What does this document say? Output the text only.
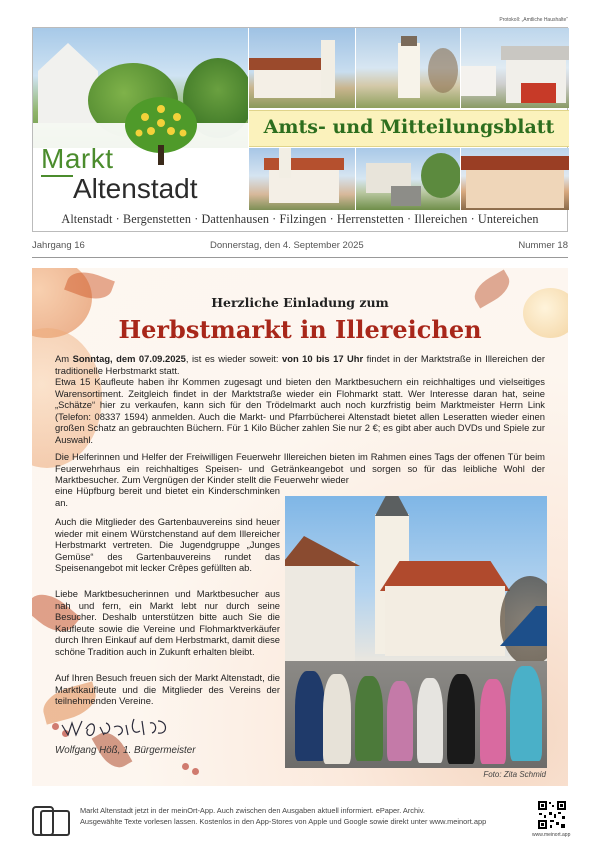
Protokoll: „Amtliche Haushalte“
Amts- und Mitteilungsblatt
Markt
Altenstadt
Altenstadt · Bergenstetten · Dattenhausen · Filzingen · Herrenstetten · Illereichen · Untereichen
Jahrgang 16	Donnerstag, den 4. September 2025	Nummer 18
Herzliche Einladung zum
Herbstmarkt in Illereichen
Am Sonntag, dem 07.09.2025, ist es wieder soweit: von 10 bis 17 Uhr findet in der Marktstraße in Illereichen der traditionelle Herbstmarkt statt.
Etwa 15 Kaufleute haben ihr Kommen zugesagt und bieten den Marktbesuchern ein reichhaltiges und vielseitiges Warensortiment. Zeitgleich findet in der Marktstraße wieder ein Flohmarkt statt. Wer Interesse daran hat, seine „Schätze“ hier zu verkaufen, kann sich für den Trödelmarkt auch noch kurzfristig beim Marktmeister Herrn Link (Telefon: 08337 1594) anmelden. Auch die Markt- und Pfarrbücherei Altenstadt bietet allen Leseratten wieder einen großen Schatz an gebrauchten Büchern. Für 1 Kilo Bücher zahlen Sie nur 2 €; es gibt aber auch DVDs und Spiele zur Auswahl.
Die Helferinnen und Helfer der Freiwilligen Feuerwehr Illereichen bieten im Rahmen eines Tags der offenen Tür beim Feuerwehrhaus ein reichhaltiges Speisen- und Getränkeangebot und sorgen so für das leibliche Wohl der Marktbesucher. Zum Vergnügen der Kinder stellt die Feuerwehr wieder
eine Hüpfburg bereit und bietet ein Kinderschminken an.
Auch die Mitglieder des Gartenbauvereins sind heuer wieder mit einem Würstchenstand auf dem Illereicher Herbstmarkt vertreten. Die Jugendgruppe „Junges Gemüse“ des Gartenbauvereins rundet das Speisenangebot mit lecker Crêpes gefüllten ab.
Liebe Marktbesucherinnen und Marktbesucher aus nah und fern, ein Markt lebt nur durch seine Besucher. Deshalb unterstützen bitte auch Sie die Kaufleute sowie die Vereine und Flohmarktverkäufer durch Ihren Einkauf auf dem Herbstmarkt, damit diese schöne Tradition auch in Zukunft erhalten bleibt.
Auf Ihren Besuch freuen sich der Markt Altenstadt, die Marktkaufleute und die Mitglieder des Vereins der teilnehmenden Vereine.
Wolfgang Höß, 1. Bürgermeister
Foto: Zita Schmid
Markt Altenstadt jetzt in der meinOrt-App. Auch zwischen den Ausgaben aktuell informiert. ePaper. Archiv.
Ausgewählte Texte vorlesen lassen. Kostenlos in den App-Stores von Apple und Google sowie direkt unter www.meinort.app
www.meinort.app
